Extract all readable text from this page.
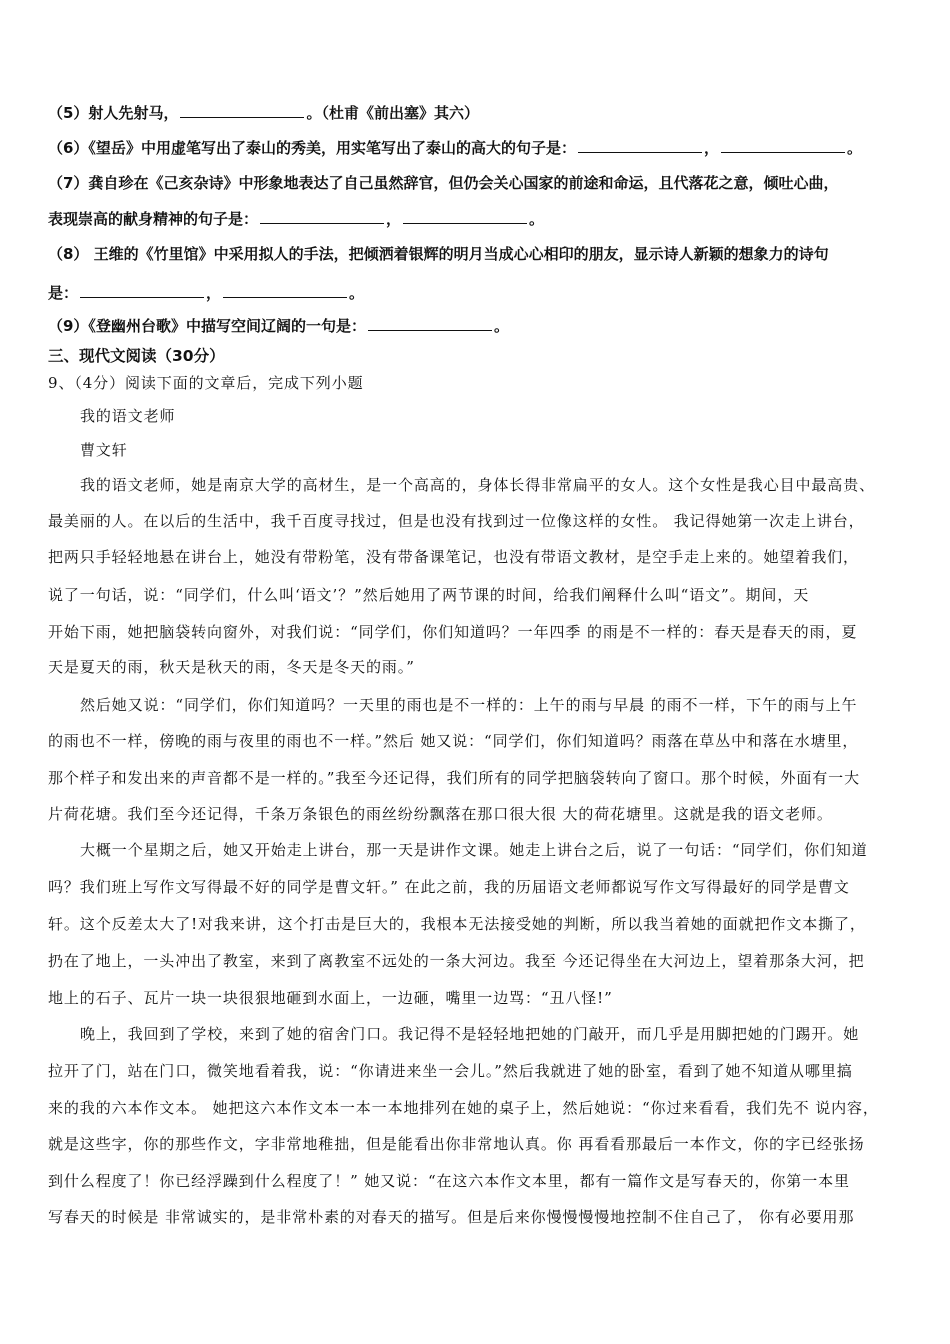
（5）射人先射马，	。（杜甫《前出塞》其六）
（6）《望岳》中用虚笔写出了泰山的秀美，用实笔写出了泰山的高大的句子是：	，	。
（7）龚自珍在《己亥杂诗》中形象地表达了自己虽然辞官，但仍会关心国家的前途和命运，且代落花之意，倾吐心曲，
表现崇高的献身精神的句子是：	，	。
（8） 王维的《竹里馆》中采用拟人的手法，把倾洒着银辉的明月当成心心相印的朋友，显示诗人新颖的想象力的诗句
是：	，	。
（9）《登幽州台歌》中描写空间辽阔的一句是：	。
三、现代文阅读（30分）
9、（4分）阅读下面的文章后，完成下列小题
我的语文老师
曹文轩
我的语文老师，她是南京大学的高材生，是一个高高的，身体长得非常扁平的女人。这个女性是我心目中最高贵、
最美丽的人。在以后的生活中，我千百度寻找过，但是也没有找到过一位像这样的女性。 我记得她第一次走上讲台，
把两只手轻轻地悬在讲台上，她没有带粉笔，没有带备课笔记，也没有带语文教材，是空手走上来的。她望着我们，
说了一句话，说：“同学们，什么叫‘语文’？”然后她用了两节课的时间，给我们阐释什么叫“语文”。期间，天
开始下雨，她把脑袋转向窗外，对我们说：“同学们，你们知道吗？一年四季 的雨是不一样的：春天是春天的雨，夏
天是夏天的雨，秋天是秋天的雨，冬天是冬天的雨。”
然后她又说：“同学们，你们知道吗？一天里的雨也是不一样的：上午的雨与早晨 的雨不一样，下午的雨与上午
的雨也不一样，傍晚的雨与夜里的雨也不一样。”然后 她又说：“同学们，你们知道吗？雨落在草丛中和落在水塘里，
那个样子和发出来的声音都不是一样的。”我至今还记得，我们所有的同学把脑袋转向了窗口。那个时候，外面有一大
片荷花塘。我们至今还记得，千条万条银色的雨丝纷纷飘落在那口很大很 大的荷花塘里。这就是我的语文老师。
大概一个星期之后，她又开始走上讲台，那一天是讲作文课。她走上讲台之后，说了一句话：“同学们，你们知道
吗？我们班上写作文写得最不好的同学是曹文轩。” 在此之前，我的历届语文老师都说写作文写得最好的同学是曹文
轩。这个反差太大了!对我来讲，这个打击是巨大的，我根本无法接受她的判断，所以我当着她的面就把作文本撕了，
扔在了地上，一头冲出了教室，来到了离教室不远处的一条大河边。我至 今还记得坐在大河边上，望着那条大河，把
地上的石子、瓦片一块一块很狠地砸到水面上，一边砸，嘴里一边骂：“丑八怪!”
晚上，我回到了学校，来到了她的宿舍门口。我记得不是轻轻地把她的门敲开，而几乎是用脚把她的门踢开。她
拉开了门，站在门口，微笑地看着我，说：“你请进来坐一会儿。”然后我就进了她的卧室，看到了她不知道从哪里搞
来的我的六本作文本。 她把这六本作文本一本一本地排列在她的桌子上，然后她说：“你过来看看，我们先不 说内容，
就是这些字，你的那些作文，字非常地稚拙，但是能看出你非常地认真。你 再看看那最后一本作文，你的字已经张扬
到什么程度了！你已经浮躁到什么程度了！” 她又说：“在这六本作文本里，都有一篇作文是写春天的，你第一本里
写春天的时候是 非常诚实的，是非常朴素的对春天的描写。但是后来你慢慢慢慢地控制不住自己了， 你有必要用那
